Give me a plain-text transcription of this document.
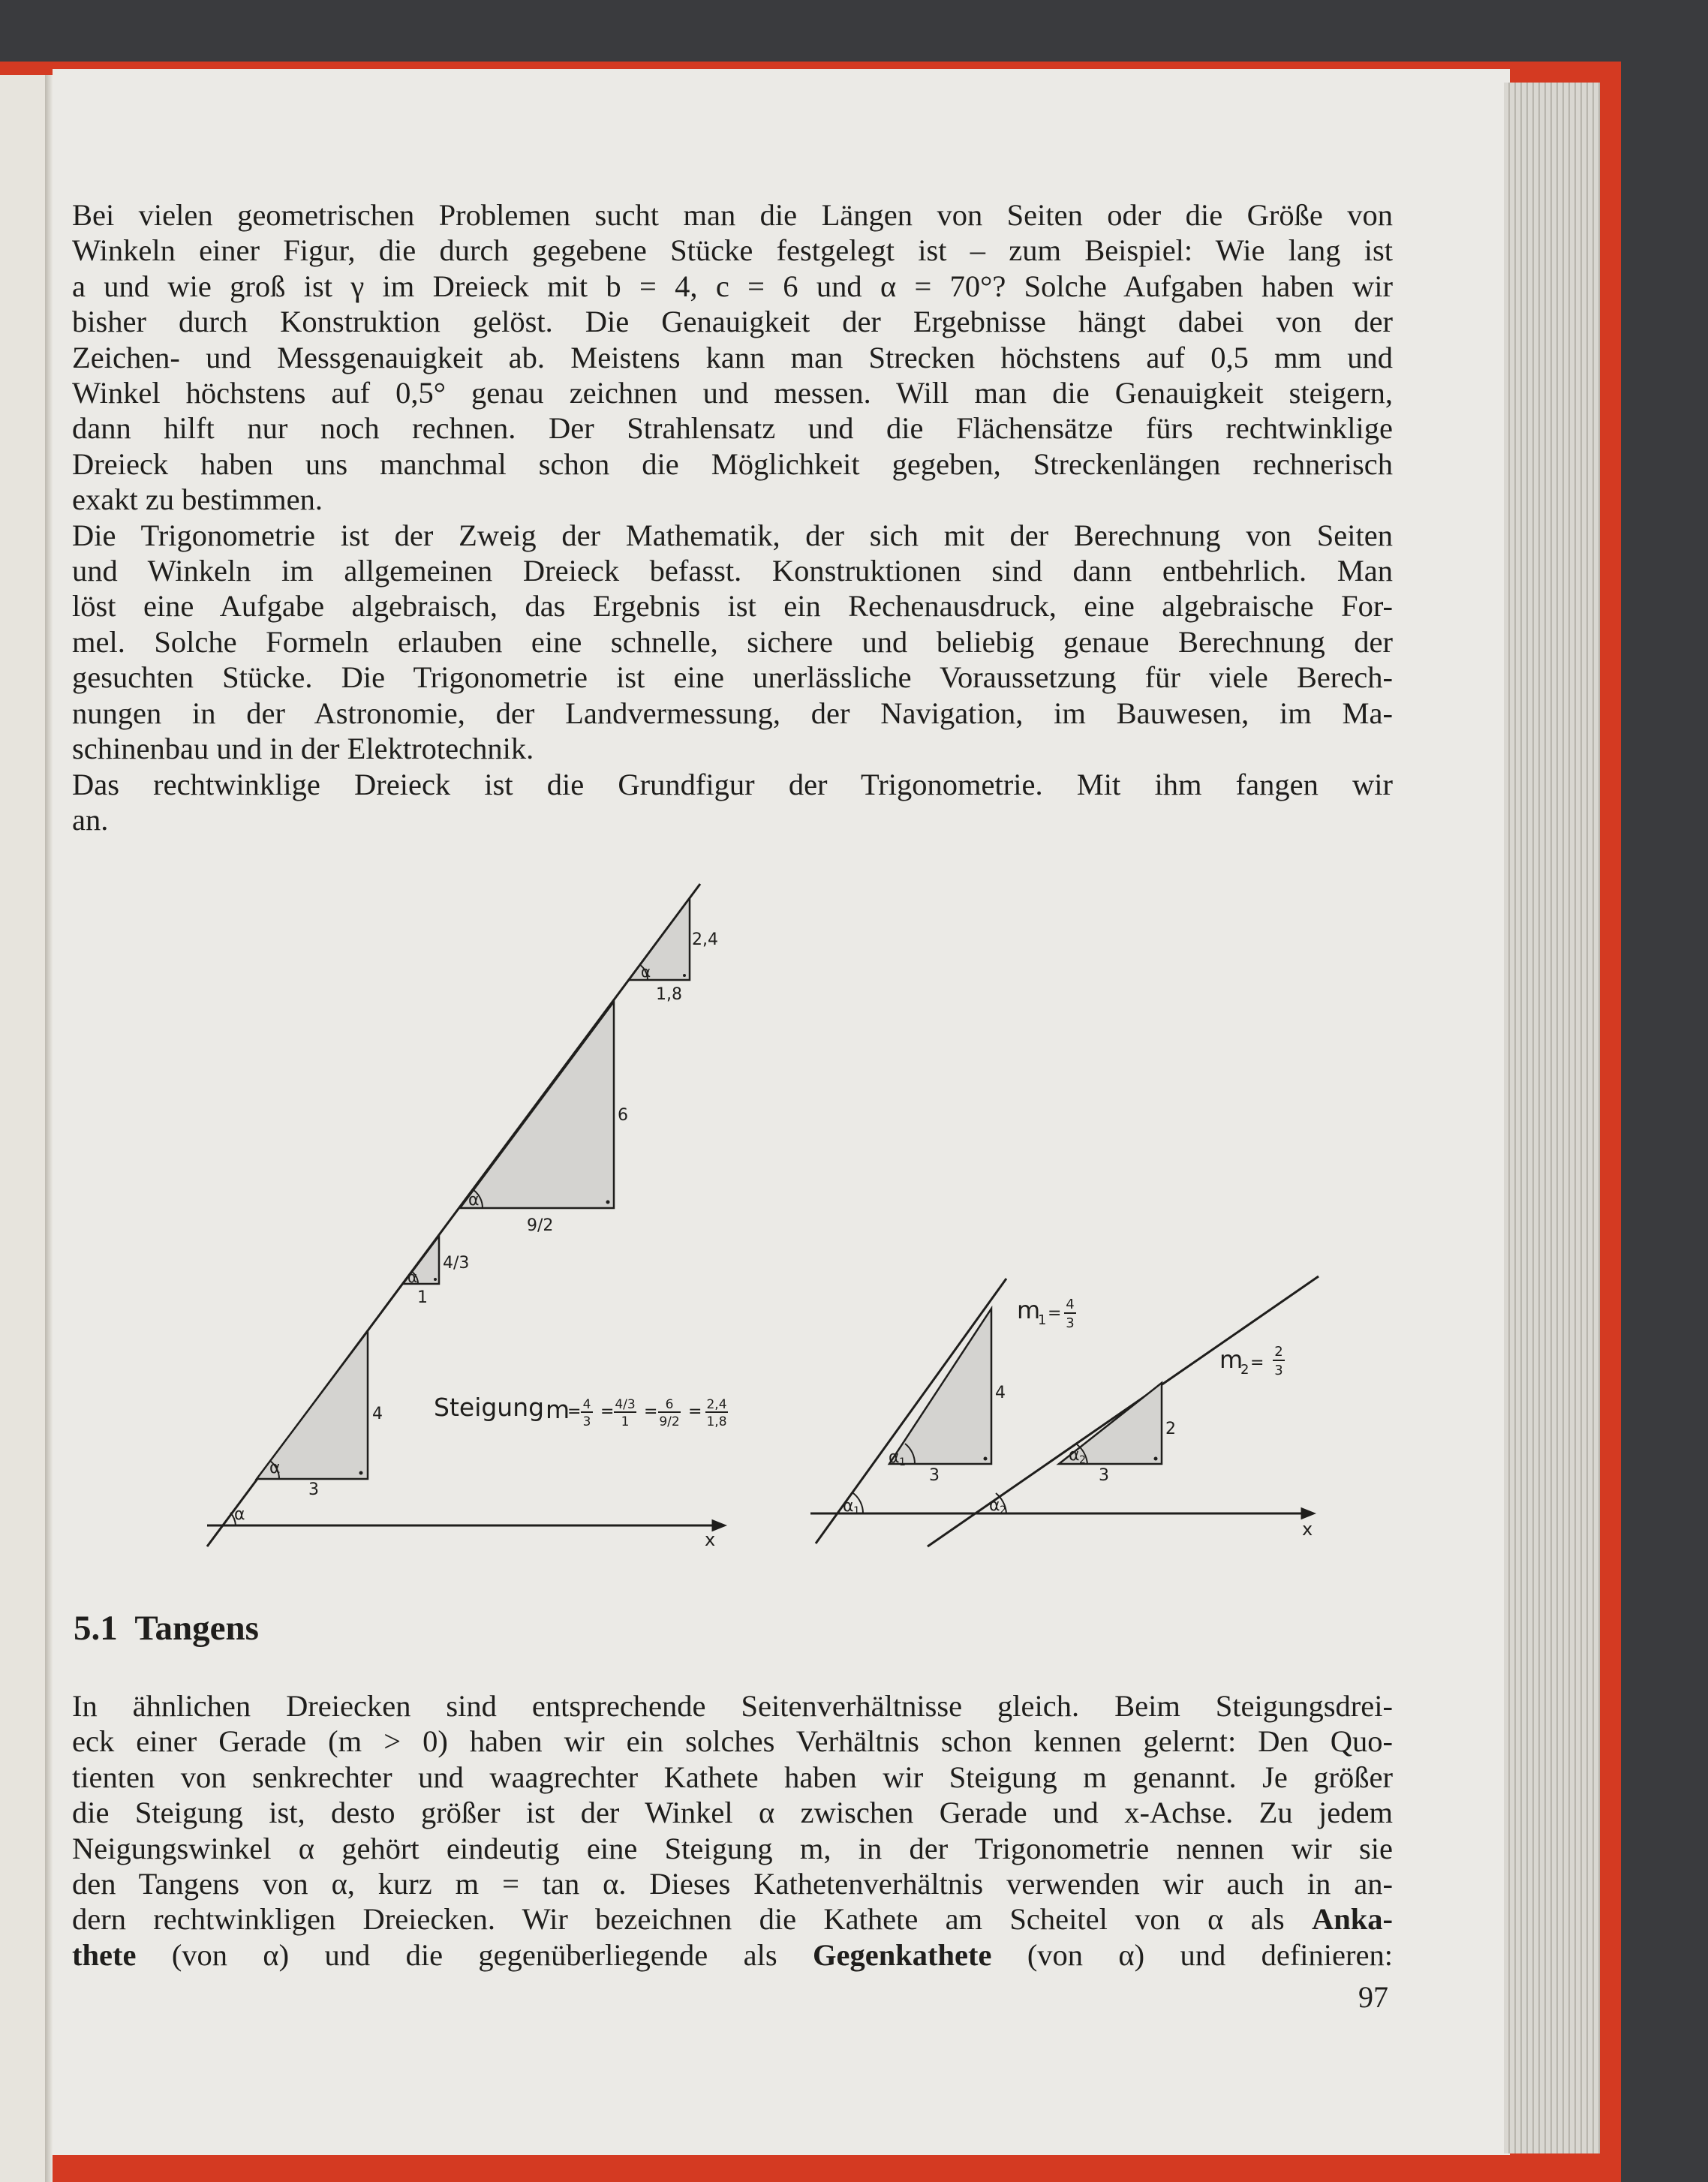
Bei vielen geometrischen Problemen sucht man die Längen von Seiten oder die Größe von
Winkeln einer Figur, die durch gegebene Stücke festgelegt ist – zum Beispiel: Wie lang ist
a und wie groß ist γ im Dreieck mit b = 4, c = 6 und α = 70°? Solche Aufgaben haben wir
bisher durch Konstruktion gelöst. Die Genauigkeit der Ergebnisse hängt dabei von der
Zeichen- und Messgenauigkeit ab. Meistens kann man Strecken höchstens auf 0,5 mm und
Winkel höchstens auf 0,5° genau zeichnen und messen. Will man die Genauigkeit steigern,
dann hilft nur noch rechnen. Der Strahlensatz und die Flächensätze fürs rechtwinklige
Dreieck haben uns manchmal schon die Möglichkeit gegeben, Streckenlängen rechnerisch
exakt zu bestimmen.
Die Trigonometrie ist der Zweig der Mathematik, der sich mit der Berechnung von Seiten
und Winkeln im allgemeinen Dreieck befasst. Konstruktionen sind dann entbehrlich. Man
löst eine Aufgabe algebraisch, das Ergebnis ist ein Rechenausdruck, eine algebraische For-
mel. Solche Formeln erlauben eine schnelle, sichere und beliebig genaue Berechnung der
gesuchten Stücke. Die Trigonometrie ist eine unerlässliche Voraussetzung für viele Berech-
nungen in der Astronomie, der Landvermessung, der Navigation, im Bauwesen, im Ma-
schinenbau und in der Elektrotechnik.
Das rechtwinklige Dreieck ist die Grundfigur der Trigonometrie. Mit ihm fangen wir
an.
α
α
3
4
α
1
4/3
α
9/2
6
α
1,8
2,4
x
Steigung m
= 4
3
= 4/3
1
= 6
9/2
= 2,4
1,8
m
1 = 4
3
m
2 =
2
3
α 1
3
4
α 2
3
2
α 1	α 2
x
5.1 Tangens
In ähnlichen Dreiecken sind entsprechende Seitenverhältnisse gleich. Beim Steigungsdrei-
eck einer Gerade (m > 0) haben wir ein solches Verhältnis schon kennen gelernt: Den Quo-
tienten von senkrechter und waagrechter Kathete haben wir Steigung m genannt. Je größer
die Steigung ist, desto größer ist der Winkel α zwischen Gerade und x-Achse. Zu jedem
Neigungswinkel α gehört eindeutig eine Steigung m, in der Trigonometrie nennen wir sie
den Tangens von α, kurz m = tan α. Dieses Kathetenverhältnis verwenden wir auch in an-
dern rechtwinkligen Dreiecken. Wir bezeichnen die Kathete am Scheitel von α als Anka-
thete (von α) und die gegenüberliegende als Gegenkathete (von α) und definieren:
97
